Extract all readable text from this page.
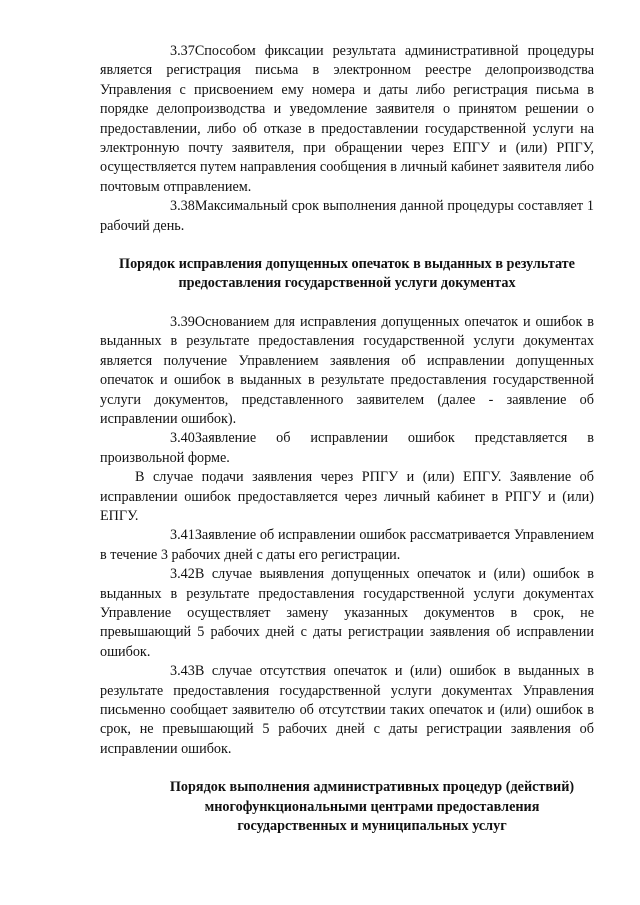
3.37Способом фиксации результата административной процедуры является регистрация письма в электронном реестре делопроизводства Управления с присвоением ему номера и даты либо регистрация письма в порядке делопроизводства и уведомление заявителя о принятом решении о предоставлении, либо об отказе в предоставлении государственной услуги на электронную почту заявителя, при обращении через ЕПГУ и (или) РПГУ, осуществляется путем направления сообщения в личный кабинет заявителя либо почтовым отправлением.

3.38Максимальный срок выполнения данной процедуры составляет 1 рабочий день.

Порядок исправления допущенных опечаток в выданных в результате предоставления государственной услуги документах

3.39Основанием для исправления допущенных опечаток и ошибок в выданных в результате предоставления государственной услуги документах является получение Управлением заявления об исправлении допущенных опечаток и ошибок в выданных в результате предоставления государственной услуги документов, представленного заявителем (далее - заявление об исправлении ошибок).

3.40Заявление об исправлении ошибок представляется в произвольной форме.

В случае подачи заявления через РПГУ и (или) ЕПГУ. Заявление об исправлении ошибок предоставляется через личный кабинет в РПГУ и (или) ЕПГУ.

3.41Заявление об исправлении ошибок рассматривается Управлением в течение 3 рабочих дней с даты его регистрации.

3.42В случае выявления допущенных опечаток и (или) ошибок в выданных в результате предоставления государственной услуги документах Управление осуществляет замену указанных документов в срок, не превышающий 5 рабочих дней с даты регистрации заявления об исправлении ошибок.

3.43В случае отсутствия опечаток и (или) ошибок в выданных в результате предоставления государственной услуги документах Управления письменно сообщает заявителю об отсутствии таких опечаток и (или) ошибок в срок, не превышающий 5 рабочих дней с даты регистрации заявления об исправлении ошибок.

Порядок выполнения административных процедур (действий) многофункциональными центрами предоставления государственных и муниципальных услуг
